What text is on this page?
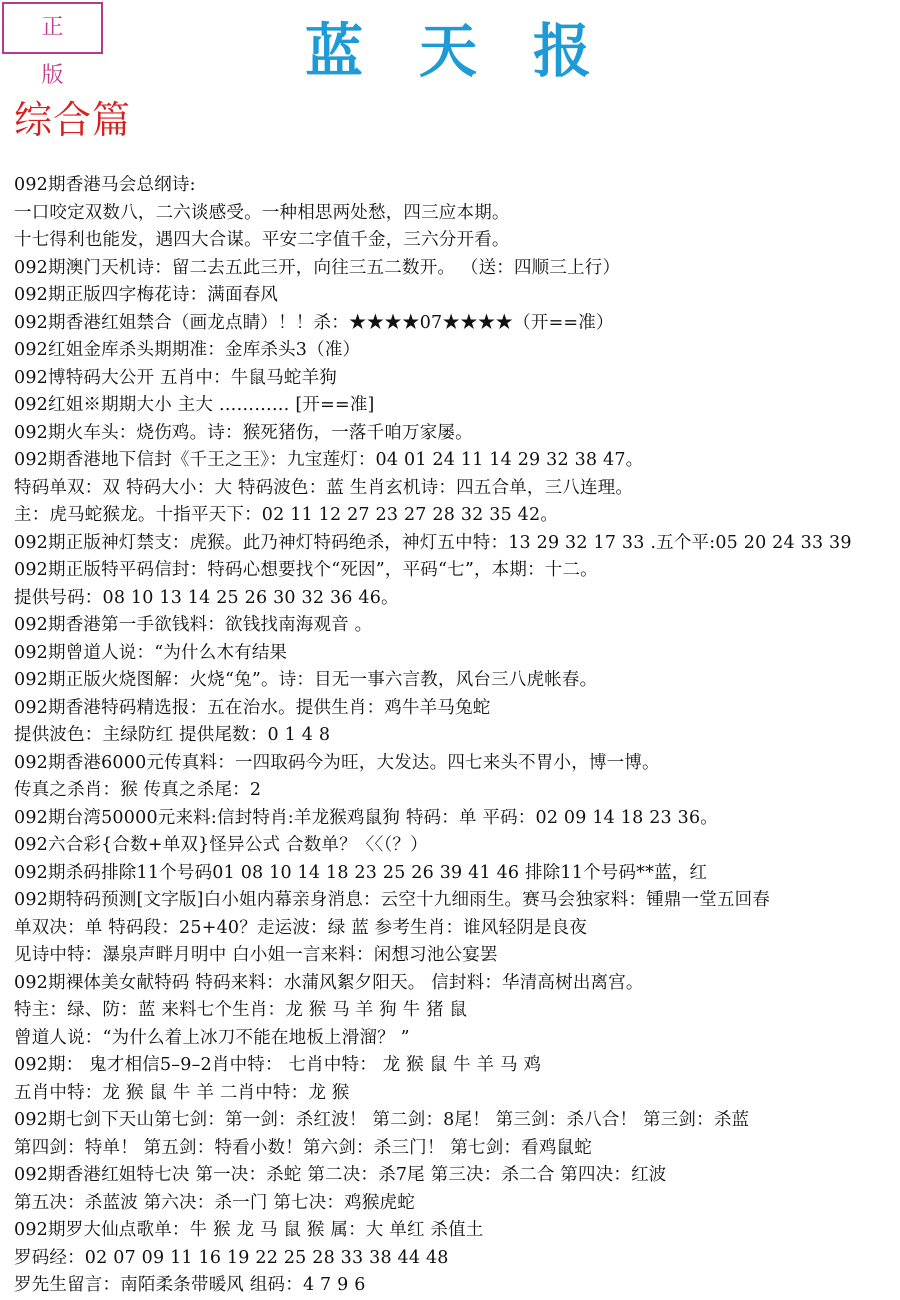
正 版	蓝天报
综合篇
092期香港马会总纲诗:
一口咬定双数八，二六谈感受。一种相思两处愁，四三应本期。
十七得利也能发，遇四大合谋。平安二字值千金，三六分开看。
092期澳门天机诗：留二去五此三开，向往三五二数开。 （送：四顺三上行）
092期正版四字梅花诗：满面春风
092期香港红姐禁合（画龙点睛）！！杀：★★★★07★★★★（开==准）
092红姐金库杀头期期准：金库杀头3（准）
092博特码大公开 五肖中：牛鼠马蛇羊狗
092红姐※期期大小 主大 ………… [开==准]
092期火车头：烧伤鸡。诗：猴死猪伤，一落千咱万家屡。
092期香港地下信封《千王之王》：九宝莲灯：04 01 24 11 14 29 32 38 47。
特码单双：双 特码大小：大 特码波色：蓝 生肖玄机诗：四五合单，三八连理。
主：虎马蛇猴龙。十指平天下：02 11 12 27 23 27 28 32 35 42。
092期正版神灯禁支：虎猴。此乃神灯特码绝杀，神灯五中特：13 29 32 17 33 .五个平:05 20 24 33 39
092期正版特平码信封：特码心想要找个“死因”，平码“七”，本期：十二。
提供号码：08 10 13 14 25 26 30 32 36 46。
092期香港第一手欲钱料：欲钱找南海观音 。
092期曾道人说：“为什么木有结果
092期正版火烧图解：火烧“兔”。诗：目无一事六言教，风台三八虎帐春。
092期香港特码精选报：五在治水。提供生肖：鸡牛羊马兔蛇
提供波色：主绿防红 提供尾数：0 1 4 8
092期香港6000元传真料：一四取码今为旺，大发达。四七来头不胃小，博一博。
传真之杀肖：猴 传真之杀尾：2
092期台湾50000元来料:信封特肖:羊龙猴鸡鼠狗 特码：单 平码：02 09 14 18 23 36。
092六合彩{合数+单双}怪异公式 合数单？〈〈（？）
092期杀码排除11个号码01 08 10 14 18 23 25 26 39 41 46 排除11个号码**蓝，红
092期特码预测[文字版]白小姐内幕亲身消息：云空十九细雨生。赛马会独家料：锺鼎一堂五回春
单双决：单 特码段：25+40？走运波：绿 蓝 参考生肖：谁风轻阴是良夜
见诗中特：瀑泉声畔月明中 白小姐一言来料：闲想习池公宴罢
092期裸体美女献特码 特码来料：水蒲风絮夕阳天。 信封料：华清高树出离宫。
特主：绿、防：蓝 来料七个生肖：龙 猴 马 羊 狗 牛 猪 鼠
曾道人说：“为什么着上冰刀不能在地板上滑溜？ ”
092期： 鬼才相信5–9–2肖中特： 七肖中特： 龙 猴 鼠 牛 羊 马 鸡
五肖中特：龙 猴 鼠 牛 羊 二肖中特：龙 猴
092期七剑下天山第七剑：第一剑：杀红波！ 第二剑：8尾！ 第三剑：杀八合！ 第三剑：杀蓝
第四剑：特单！ 第五剑：特看小数！第六剑：杀三门！ 第七剑：看鸡鼠蛇
092期香港红姐特七决 第一决：杀蛇 第二决：杀7尾 第三决：杀二合 第四决：红波
第五决：杀蓝波 第六决：杀一门 第七决：鸡猴虎蛇
092期罗大仙点歌单：牛 猴 龙 马 鼠 猴 属：大 单红 杀值土
罗码经：02 07 09 11 16 19 22 25 28 33 38 44 48
罗先生留言：南陌柔条带暖风 组码：4 7 9 6
